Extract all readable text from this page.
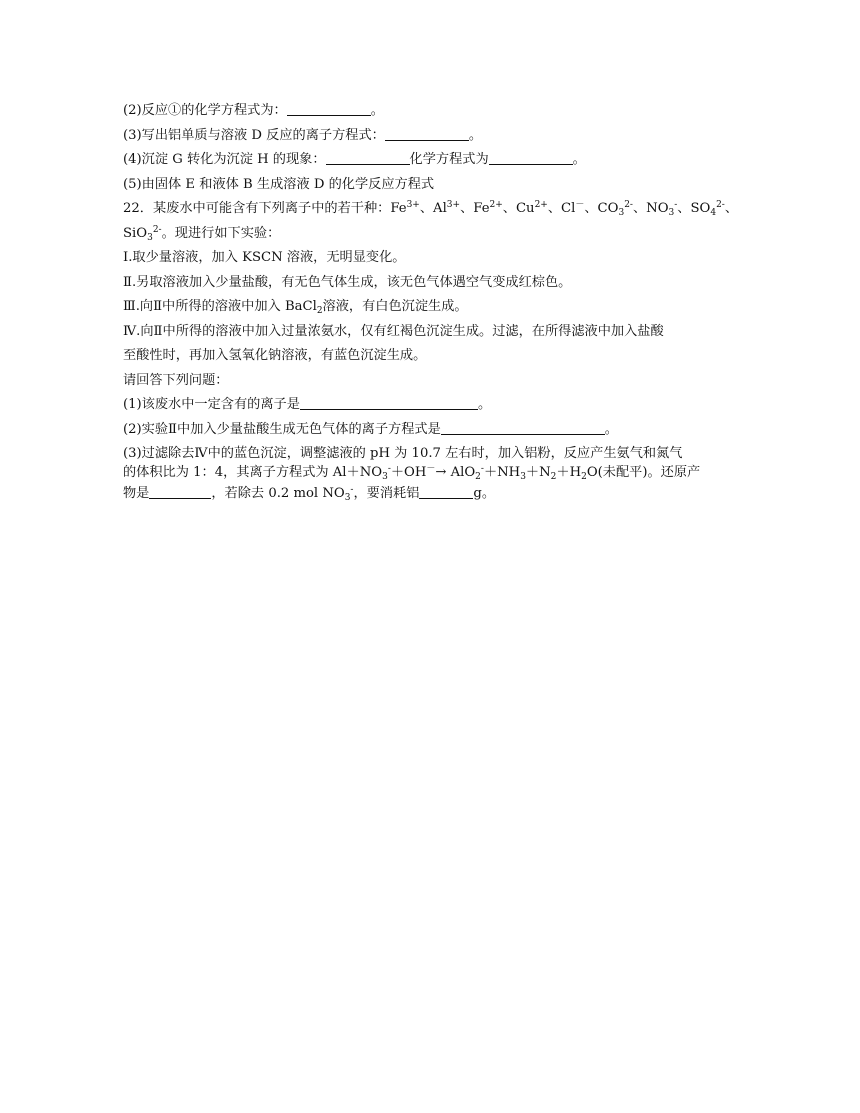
(2)反应①的化学方程式为：	。
(3)写出铝单质与溶液 D 反应的离子方程式：	。
(4)沉淀 G 转化为沉淀 H 的现象：	化学方程式为	。
(5)由固体 E 和液体 B 生成溶液 D 的化学反应方程式
22．某废水中可能含有下列离子中的若干种：$Fe^{3+}$、$Al^{3+}$、$Fe^{2+}$、$Cu^{2+}$、Cl－、$CO_3^{2-}$、$NO_3^-$、$SO_4^{2-}$、
SiO$_3^{2-}$。现进行如下实验：
Ⅰ.取少量溶液，加入 KSCN 溶液，无明显变化。
Ⅱ.另取溶液加入少量盐酸，有无色气体生成，该无色气体遇空气变成红棕色。
Ⅲ.向Ⅱ中所得的溶液中加入 BaCl$_2$溶液，有白色沉淀生成。
Ⅳ.向Ⅱ中所得的溶液中加入过量浓氨水，仅有红褐色沉淀生成。过滤，在所得滤液中加入盐酸
至酸性时，再加入氢氧化钠溶液，有蓝色沉淀生成。
请回答下列问题：
(1)该废水中一定含有的离子是	。
(2)实验Ⅱ中加入少量盐酸生成无色气体的离子方程式是	。
(3)过滤除去Ⅳ中的蓝色沉淀，调整滤液的 pH 为 10.7 左右时，加入铝粉，反应产生氨气和氮气
的体积比为 1：4，其离子方程式为 $Al+NO_3^-+OH^-\to AlO_2^-+NH_3+N_2+H_2O$(未配平)。还原产
物是	，若除去 0.2 mol $NO_3^-$，要消耗铝	g。
